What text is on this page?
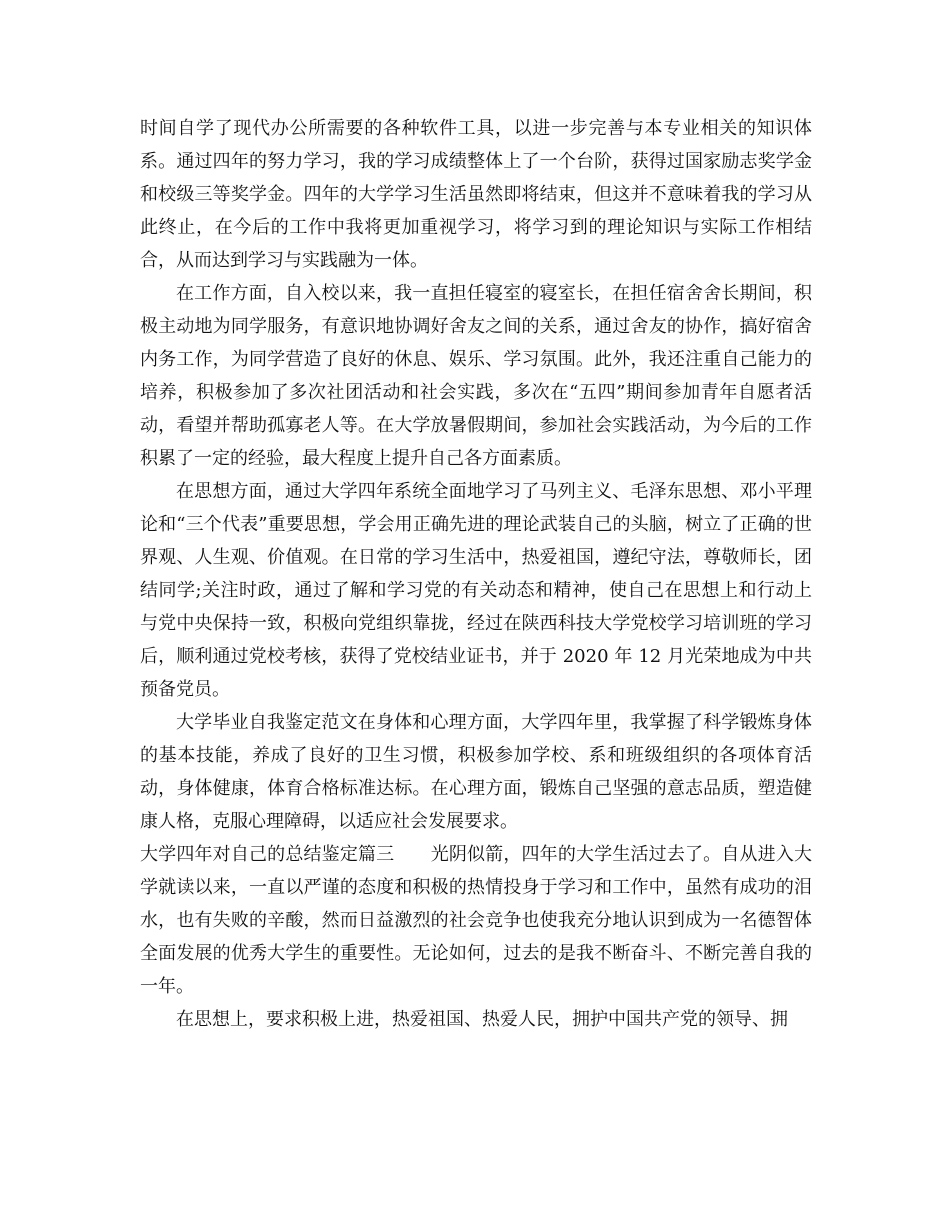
时间自学了现代办公所需要的各种软件工具，以进一步完善与本专业相关的知识体系。通过四年的努力学习，我的学习成绩整体上了一个台阶，获得过国家励志奖学金和校级三等奖学金。四年的大学学习生活虽然即将结束，但这并不意味着我的学习从此终止，在今后的工作中我将更加重视学习，将学习到的理论知识与实际工作相结合，从而达到学习与实践融为一体。

在工作方面，自入校以来，我一直担任寝室的寝室长，在担任宿舍舍长期间，积极主动地为同学服务，有意识地协调好舍友之间的关系，通过舍友的协作，搞好宿舍内务工作，为同学营造了良好的休息、娱乐、学习氛围。此外，我还注重自己能力的培养，积极参加了多次社团活动和社会实践，多次在“五四”期间参加青年自愿者活动，看望并帮助孤寡老人等。在大学放暑假期间，参加社会实践活动，为今后的工作积累了一定的经验，最大程度上提升自己各方面素质。

在思想方面，通过大学四年系统全面地学习了马列主义、毛泽东思想、邓小平理论和“三个代表”重要思想，学会用正确先进的理论武装自己的头脑，树立了正确的世界观、人生观、价值观。在日常的学习生活中，热爱祖国，遵纪守法，尊敬师长，团结同学;关注时政，通过了解和学习党的有关动态和精神，使自己在思想上和行动上与党中央保持一致，积极向党组织靠拢，经过在陕西科技大学党校学习培训班的学习后，顺利通过党校考核，获得了党校结业证书，并于 2020 年 12 月光荣地成为中共预备党员。

大学毕业自我鉴定范文在身体和心理方面，大学四年里，我掌握了科学锻炼身体的基本技能，养成了良好的卫生习惯，积极参加学校、系和班级组织的各项体育活动，身体健康，体育合格标准达标。在心理方面，锻炼自己坚强的意志品质，塑造健康人格，克服心理障碍，以适应社会发展要求。

大学四年对自己的总结鉴定篇三　　 光阴似箭，四年的大学生活过去了。自从进入大学就读以来，一直以严谨的态度和积极的热情投身于学习和工作中，虽然有成功的泪水，也有失败的辛酸，然而日益激烈的社会竞争也使我充分地认识到成为一名德智体全面发展的优秀大学生的重要性。无论如何，过去的是我不断奋斗、不断完善自我的一年。

在思想上，要求积极上进，热爱祖国、热爱人民，拥护中国共产党的领导、拥
